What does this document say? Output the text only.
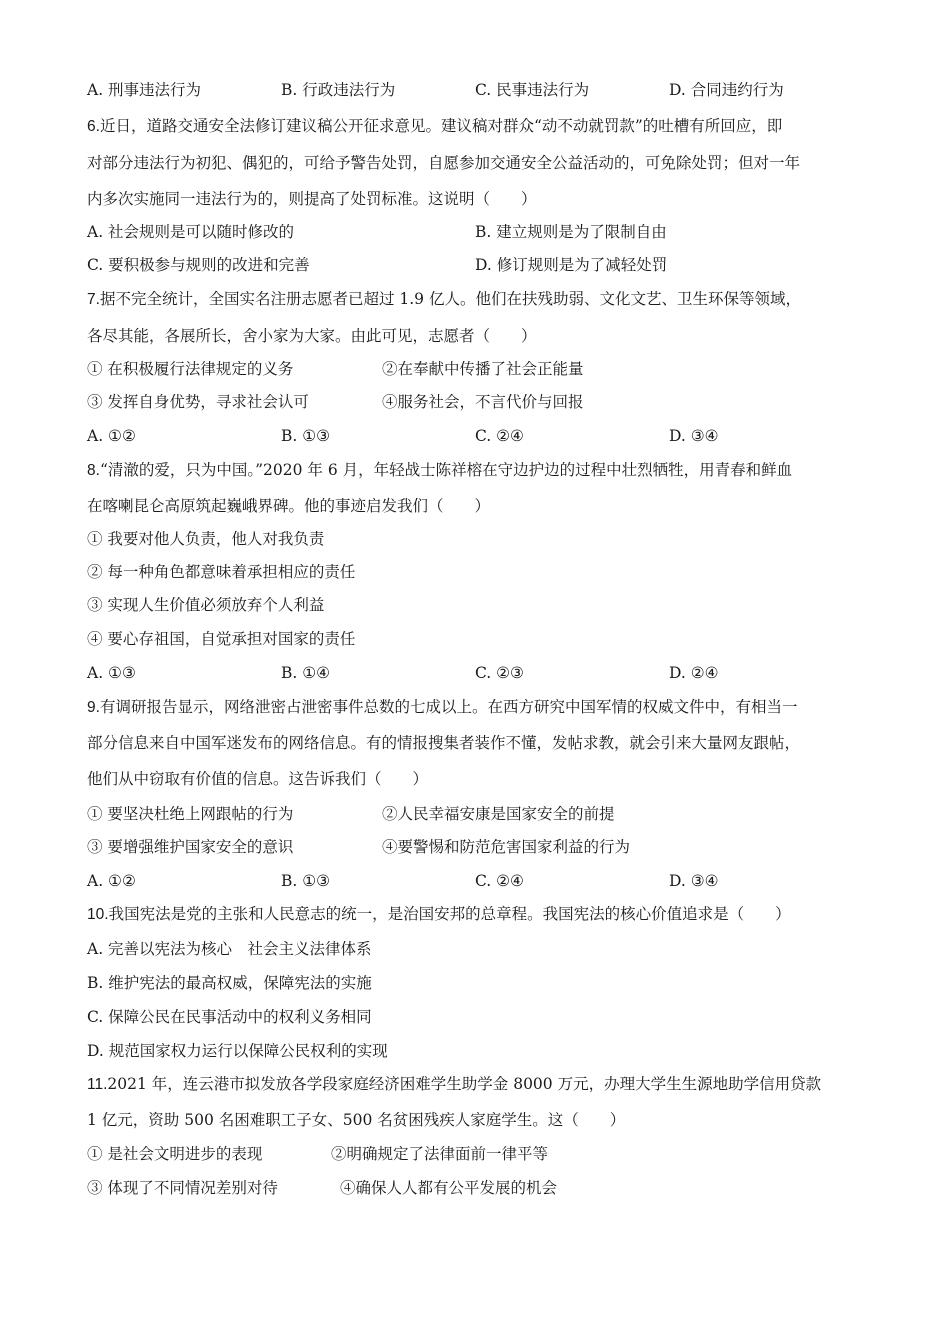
A. 刑事违法行为	B. 行政违法行为	C. 民事违法行为	D. 合同违约行为
6.近日，道路交通安全法修订建议稿公开征求意见。建议稿对群众“动不动就罚款”的吐槽有所回应，即
对部分违法行为初犯、偶犯的，可给予警告处罚，自愿参加交通安全公益活动的，可免除处罚；但对一年
内多次实施同一违法行为的，则提高了处罚标准。这说明（　　）
A. 社会规则是可以随时修改的	B. 建立规则是为了限制自由
C. 要积极参与规则的改进和完善	D. 修订规则是为了减轻处罚
7.据不完全统计，全国实名注册志愿者已超过 1.9 亿人。他们在扶残助弱、文化文艺、卫生环保等领域，
各尽其能，各展所长，舍小家为大家。由此可见，志愿者（　　）
① 在积极履行法律规定的义务	②在奉献中传播了社会正能量
③ 发挥自身优势，寻求社会认可	④服务社会，不言代价与回报
A. ①②	B. ①③	C. ②④	D. ③④
8.“清澈的爱，只为中国。”2020 年 6 月，年轻战士陈祥榕在守边护边的过程中壮烈牺牲，用青春和鲜血
在喀喇昆仑高原筑起巍峨界碑。他的事迹启发我们（　　）
① 我要对他人负责，他人对我负责
② 每一种角色都意味着承担相应的责任
③ 实现人生价值必须放弃个人利益
④ 要心存祖国，自觉承担对国家的责任
A. ①③	B. ①④	C. ②③	D. ②④
9.有调研报告显示，网络泄密占泄密事件总数的七成以上。在西方研究中国军情的权威文件中，有相当一
部分信息来自中国军迷发布的网络信息。有的情报搜集者装作不懂，发帖求教，就会引来大量网友跟帖，
他们从中窃取有价值的信息。这告诉我们（　　）
① 要坚决杜绝上网跟帖的行为	②人民幸福安康是国家安全的前提
③ 要增强维护国家安全的意识	④要警惕和防范危害国家利益的行为
A. ①②	B. ①③	C. ②④	D. ③④
10.我国宪法是党的主张和人民意志的统一，是治国安邦的总章程。我国宪法的核心价值追求是（　　）
A. 完善以宪法为核心　社会主义法律体系
B. 维护宪法的最高权威，保障宪法的实施
C. 保障公民在民事活动中的权利义务相同
D. 规范国家权力运行以保障公民权利的实现
11.2021 年，连云港市拟发放各学段家庭经济困难学生助学金 8000 万元，办理大学生生源地助学信用贷款
1 亿元，资助 500 名困难职工子女、500 名贫困残疾人家庭学生。这（　　）
① 是社会文明进步的表现	②明确规定了法律面前一律平等
③ 体现了不同情况差别对待	④确保人人都有公平发展的机会
